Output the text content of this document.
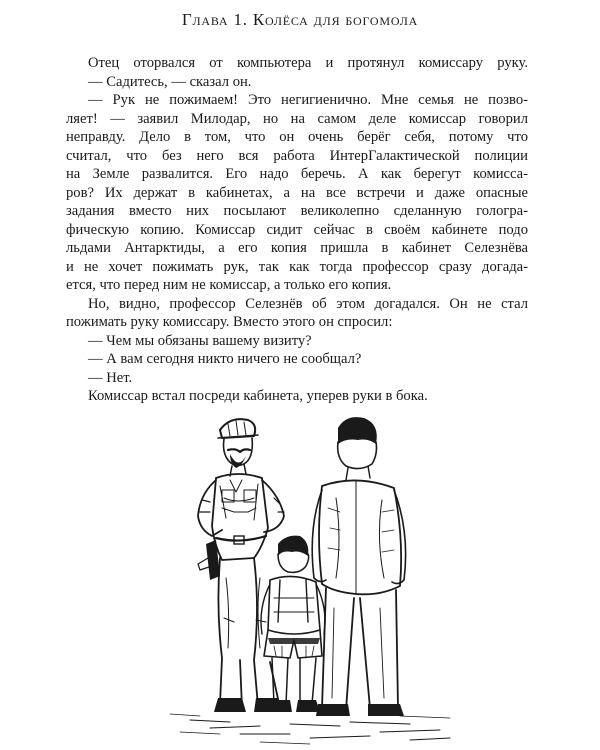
Глава 1. Колёса для богомола
Отец оторвался от компьютера и протянул комиссару руку.
— Садитесь, — сказал он.
— Рук не пожимаем! Это негигиенично. Мне семья не позво-
ляет! — заявил Милодар, но на самом деле комиссар говорил
неправду. Дело в том, что он очень берёг себя, потому что
считал, что без него вся работа ИнтерГалактической полиции
на Земле развалится. Его надо беречь. А как берегут комисса-
ров? Их держат в кабинетах, а на все встречи и даже опасные
задания вместо них посылают великолепно сделанную гологра-
фическую копию. Комиссар сидит сейчас в своём кабинете подо
льдами Антарктиды, а его копия пришла в кабинет Селезнёва
и не хочет пожимать рук, так как тогда профессор сразу догада-
ется, что перед ним не комиссар, а только его копия.
Но, видно, профессор Селезнёв об этом догадался. Он не стал
пожимать руку комиссару. Вместо этого он спросил:
— Чем мы обязаны вашему визиту?
— А вам сегодня никто ничего не сообщал?
— Нет.
Комиссар встал посреди кабинета, уперев руки в бока.
